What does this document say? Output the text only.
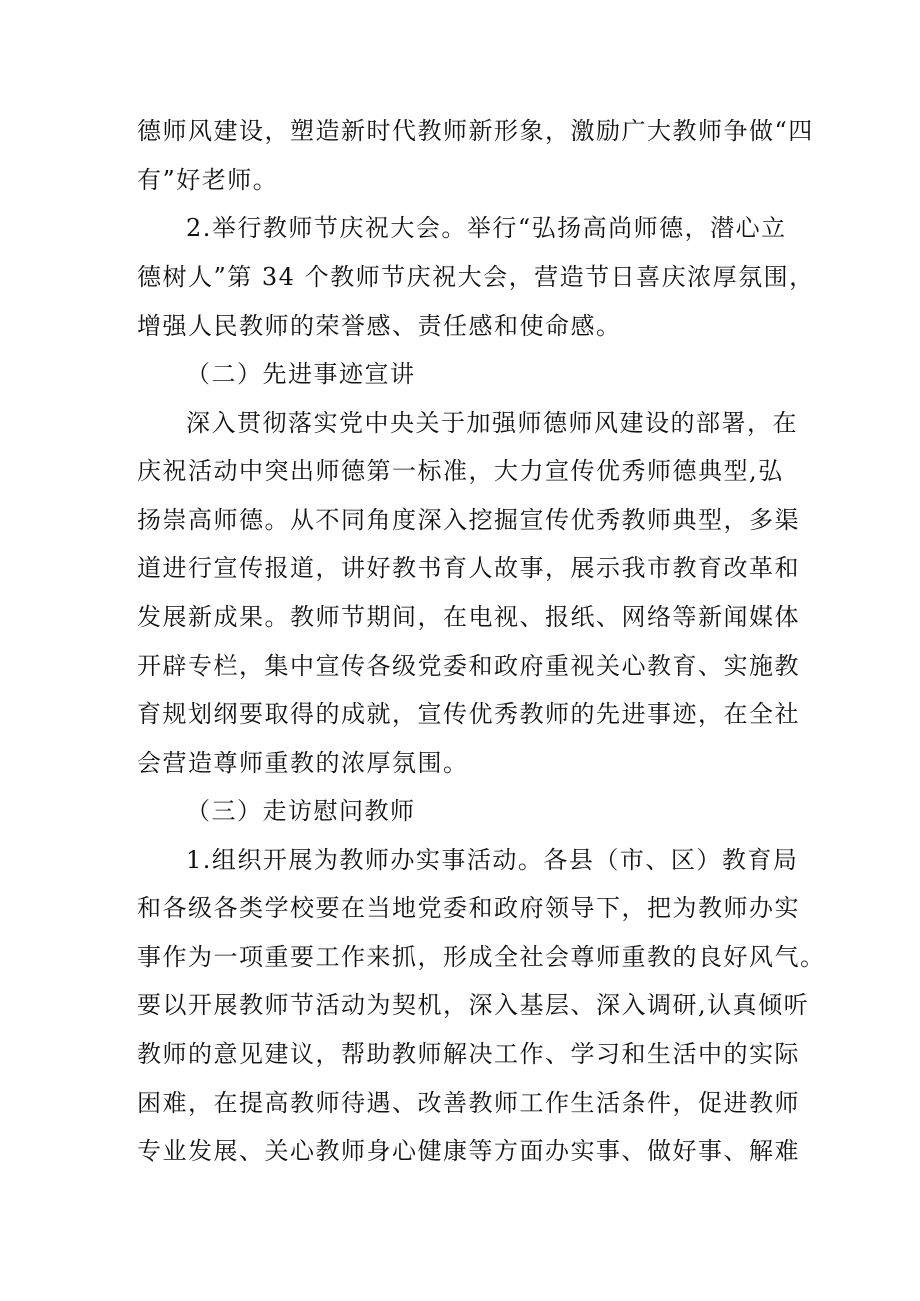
德师风建设，塑造新时代教师新形象，激励广大教师争做“四
有”好老师。
2.举行教师节庆祝大会。举行“弘扬高尚师德，潜心立
德树人”第 34 个教师节庆祝大会，营造节日喜庆浓厚氛围，
增强人民教师的荣誉感、责任感和使命感。
（二）先进事迹宣讲
深入贯彻落实党中央关于加强师德师风建设的部署，在
庆祝活动中突出师德第一标准，大力宣传优秀师德典型,弘
扬崇高师德。从不同角度深入挖掘宣传优秀教师典型，多渠
道进行宣传报道，讲好教书育人故事，展示我市教育改革和
发展新成果。教师节期间，在电视、报纸、网络等新闻媒体
开辟专栏，集中宣传各级党委和政府重视关心教育、实施教
育规划纲要取得的成就，宣传优秀教师的先进事迹，在全社
会营造尊师重教的浓厚氛围。
（三）走访慰问教师
1.组织开展为教师办实事活动。各县（市、区）教育局
和各级各类学校要在当地党委和政府领导下，把为教师办实
事作为一项重要工作来抓，形成全社会尊师重教的良好风气。
要以开展教师节活动为契机，深入基层、深入调研,认真倾听
教师的意见建议，帮助教师解决工作、学习和生活中的实际
困难，在提高教师待遇、改善教师工作生活条件，促进教师
专业发展、关心教师身心健康等方面办实事、做好事、解难
